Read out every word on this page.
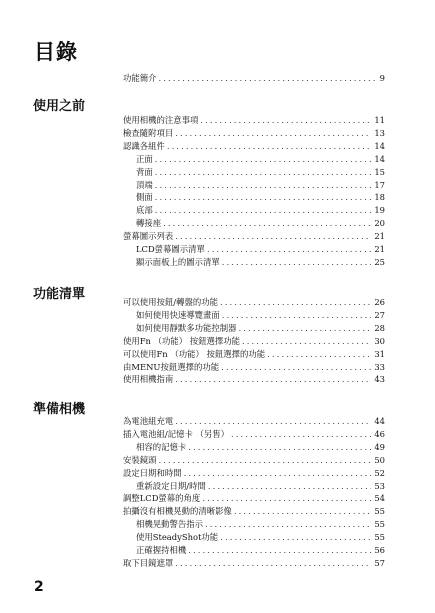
目錄
功能簡介 .....	9
使用之前
使用相機的注意事項 .....	11
檢查隨附項目 .....	13
認識各組件 .....	14
正面 .....	14
背面 .....	15
頂端 .....	17
側面 .....	18
底部 .....	19
轉接座 .....	20
螢幕圖示列表 .....	21
LCD螢幕圖示清單 .....	21
顯示面板上的圖示清單 .....	25
功能清單	可以使用按鈕/轉盤的功能 .....	26
如何使用快速導覽畫面 .....	27
如何使用靜默多功能控制器 .....	28
使用Fn （功能） 按鈕選擇功能 .....	30
可以使用Fn （功能） 按鈕選擇的功能 .....	31
由MENU按鈕選擇的功能 .....	33
使用相機指南 .....	43
準備相機
為電池組充電 .....	44
插入電池組/記憶卡 （另售） .....	46
相容的記憶卡 .....	49
安裝鏡頭 .....	50
設定日期和時間 .....	52
重新設定日期/時間 .....	53
調整LCD螢幕的角度 .....	54
拍攝沒有相機晃動的清晰影像 .....	55
相機晃動警告指示 .....	55
使用SteadyShot功能 .....	55
正確握持相機 .....	56
取下目鏡遮罩 .....	57
2
